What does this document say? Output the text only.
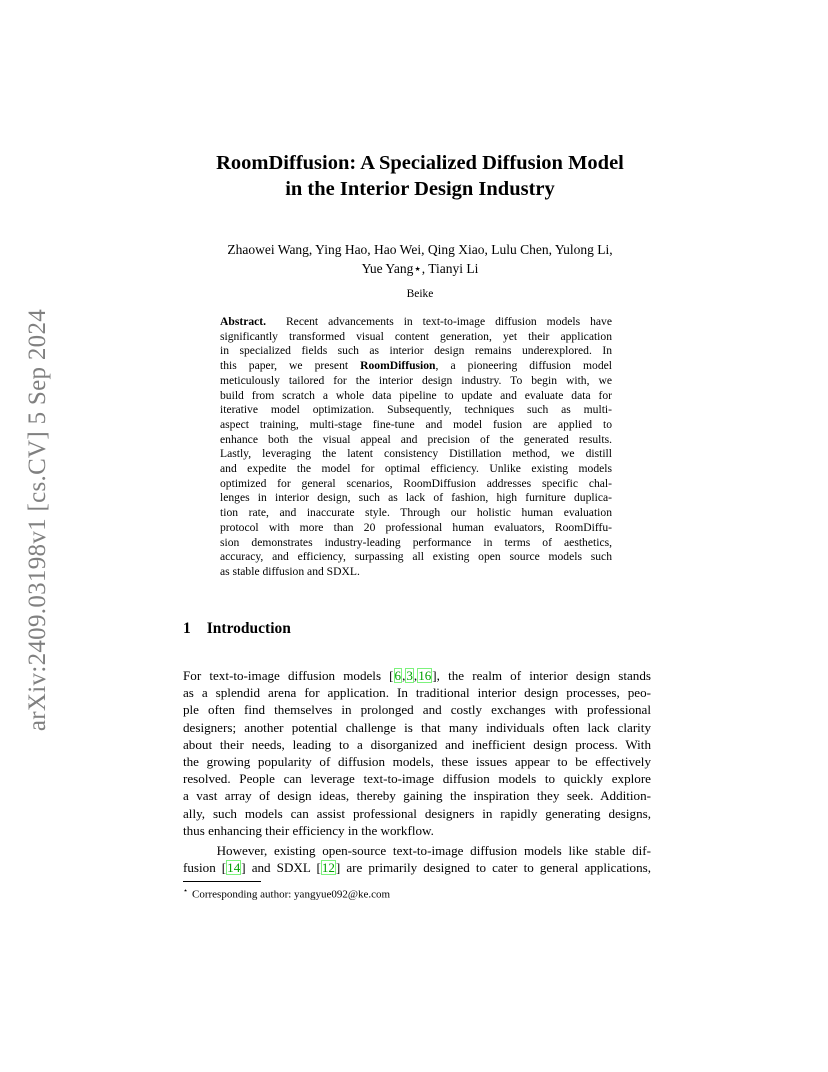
arXiv:2409.03198v1 [cs.CV] 5 Sep 2024
RoomDiffusion: A Specialized Diffusion Model
in the Interior Design Industry
Zhaowei Wang, Ying Hao, Hao Wei, Qing Xiao, Lulu Chen, Yulong Li,
Yue Yang⋆, Tianyi Li
Beike
Abstract. Recent advancements in text-to-image diffusion models have
significantly transformed visual content generation, yet their application
in specialized fields such as interior design remains underexplored. In
this paper, we present RoomDiffusion, a pioneering diffusion model
meticulously tailored for the interior design industry. To begin with, we
build from scratch a whole data pipeline to update and evaluate data for
iterative model optimization. Subsequently, techniques such as multi-
aspect training, multi-stage fine-tune and model fusion are applied to
enhance both the visual appeal and precision of the generated results.
Lastly, leveraging the latent consistency Distillation method, we distill
and expedite the model for optimal efficiency. Unlike existing models
optimized for general scenarios, RoomDiffusion addresses specific chal-
lenges in interior design, such as lack of fashion, high furniture duplica-
tion rate, and inaccurate style. Through our holistic human evaluation
protocol with more than 20 professional human evaluators, RoomDiffu-
sion demonstrates industry-leading performance in terms of aesthetics,
accuracy, and efficiency, surpassing all existing open source models such
as stable diffusion and SDXL.
1 Introduction
For text-to-image diffusion models [6,3,16], the realm of interior design stands
as a splendid arena for application. In traditional interior design processes, peo-
ple often find themselves in prolonged and costly exchanges with professional
designers; another potential challenge is that many individuals often lack clarity
about their needs, leading to a disorganized and inefficient design process. With
the growing popularity of diffusion models, these issues appear to be effectively
resolved. People can leverage text-to-image diffusion models to quickly explore
a vast array of design ideas, thereby gaining the inspiration they seek. Addition-
ally, such models can assist professional designers in rapidly generating designs,
thus enhancing their efficiency in the workflow.
However, existing open-source text-to-image diffusion models like stable dif-
fusion [14] and SDXL [12] are primarily designed to cater to general applications,
⋆ Corresponding author: yangyue092@ke.com
